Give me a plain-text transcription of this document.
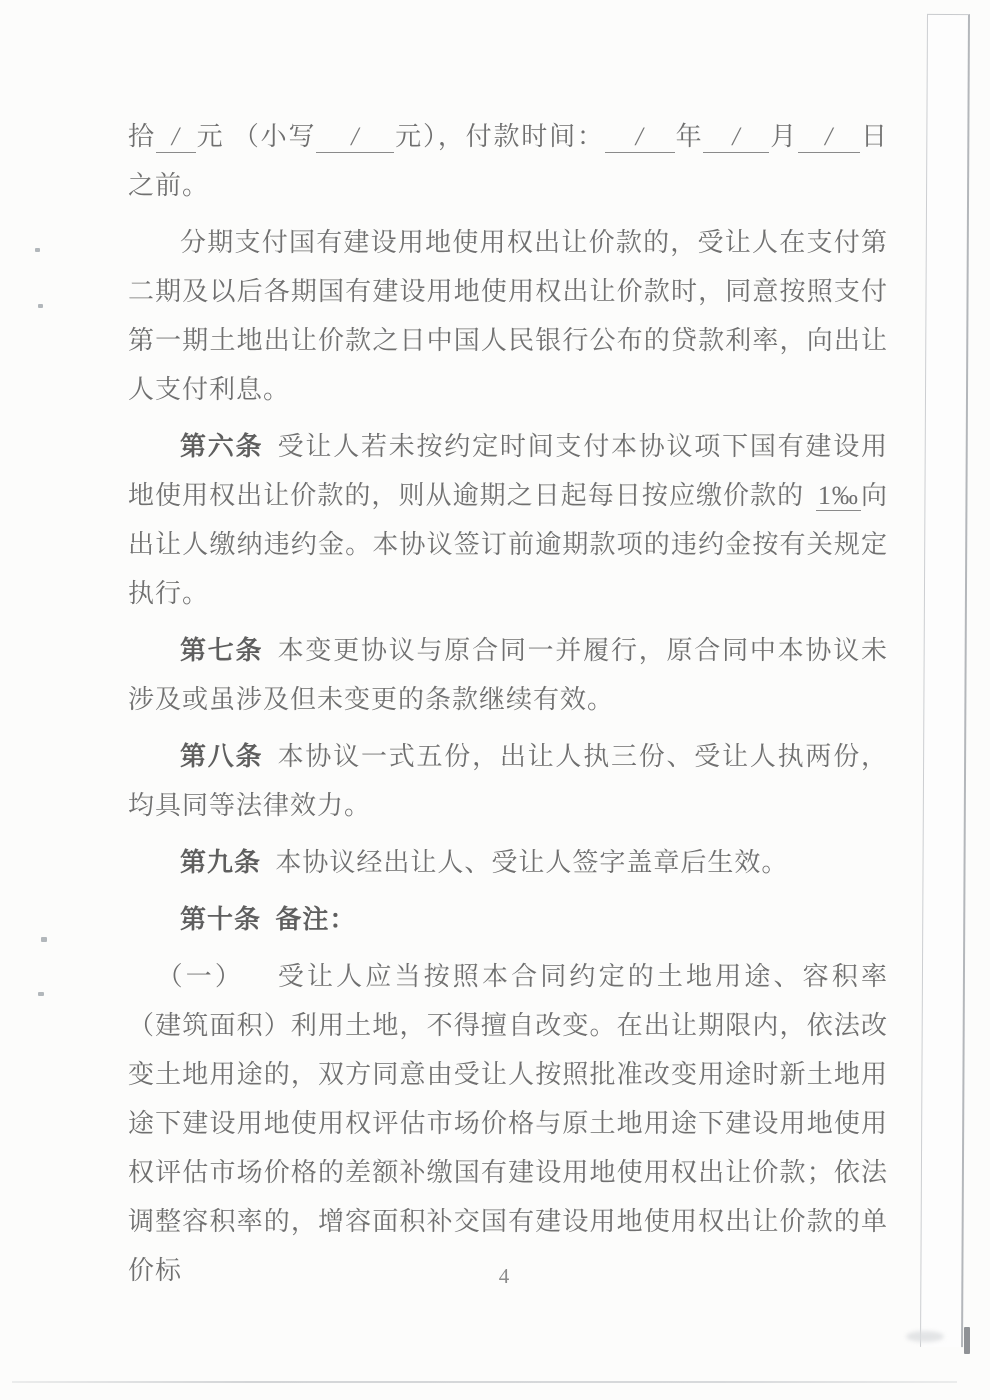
拾 / 元 （小写 / 元），付款时间： / 年 / 月 / 日之前。

分期支付国有建设用地使用权出让价款的，受让人在支付第二期及以后各期国有建设用地使用权出让价款时，同意按照支付第一期土地出让价款之日中国人民银行公布的贷款利率，向出让人支付利息。

第六条 受让人若未按约定时间支付本协议项下国有建设用地使用权出让价款的，则从逾期之日起每日按应缴价款的 1‰向出让人缴纳违约金。本协议签订前逾期款项的违约金按有关规定执行。

第七条 本变更协议与原合同一并履行，原合同中本协议未涉及或虽涉及但未变更的条款继续有效。

第八条 本协议一式五份，出让人执三份、受让人执两份，均具同等法律效力。

第九条 本协议经出让人、受让人签字盖章后生效。

第十条 备注：

（一） 受让人应当按照本合同约定的土地用途、容积率（建筑面积）利用土地，不得擅自改变。在出让期限内，依法改变土地用途的，双方同意由受让人按照批准改变用途时新土地用途下建设用地使用权评估市场价格与原土地用途下建设用地使用权评估市场价格的差额补缴国有建设用地使用权出让价款；依法调整容积率的，增容面积补交国有建设用地使用权出让价款的单价标	4
